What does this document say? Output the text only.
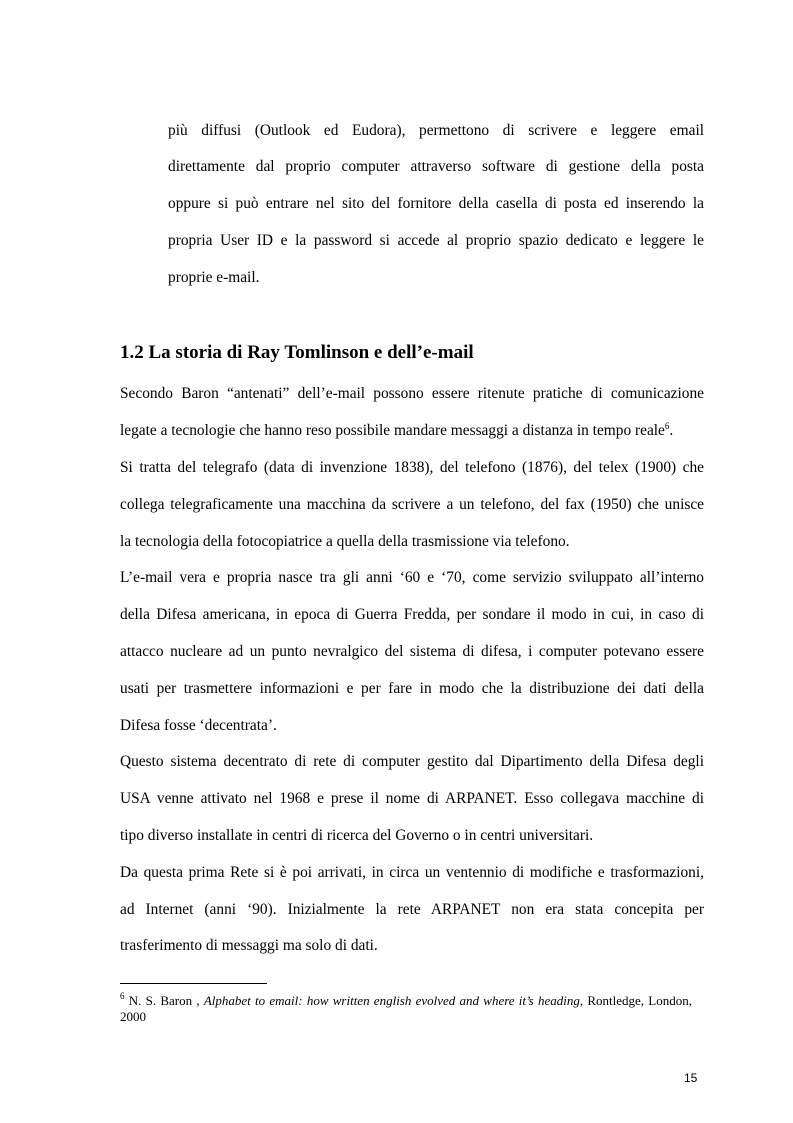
più diffusi (Outlook ed Eudora), permettono di scrivere e leggere email
direttamente dal proprio computer attraverso software di gestione della posta
oppure si può entrare nel sito del fornitore della casella di posta ed inserendo la
propria User ID e la password si accede al proprio spazio dedicato e leggere le
proprie e-mail.
1.2 La storia di Ray Tomlinson e dell’e-mail
Secondo Baron “antenati” dell’e-mail possono essere ritenute pratiche di comunicazione
legate a tecnologie che hanno reso possibile mandare messaggi a distanza in tempo reale$^6$.
Si tratta del telegrafo (data di invenzione 1838), del telefono (1876), del telex (1900) che
collega telegraficamente una macchina da scrivere a un telefono, del fax (1950) che unisce
la tecnologia della fotocopiatrice a quella della trasmissione via telefono.
L’e-mail vera e propria nasce tra gli anni ‘60 e ‘70, come servizio sviluppato all’interno
della Difesa americana, in epoca di Guerra Fredda, per sondare il modo in cui, in caso di
attacco nucleare ad un punto nevralgico del sistema di difesa, i computer potevano essere
usati per trasmettere informazioni e per fare in modo che la distribuzione dei dati della
Difesa fosse ‘decentrata’.
Questo sistema decentrato di rete di computer gestito dal Dipartimento della Difesa degli
USA venne attivato nel 1968 e prese il nome di ARPANET. Esso collegava macchine di
tipo diverso installate in centri di ricerca del Governo o in centri universitari.
Da questa prima Rete si è poi arrivati, in circa un ventennio di modifiche e trasformazioni,
ad Internet (anni ‘90). Inizialmente la rete ARPANET non era stata concepita per
trasferimento di messaggi ma solo di dati.
$^6$ N. S. Baron , Alphabet to email: how written english evolved and where it’s heading, Rontledge, London,
2000
15
